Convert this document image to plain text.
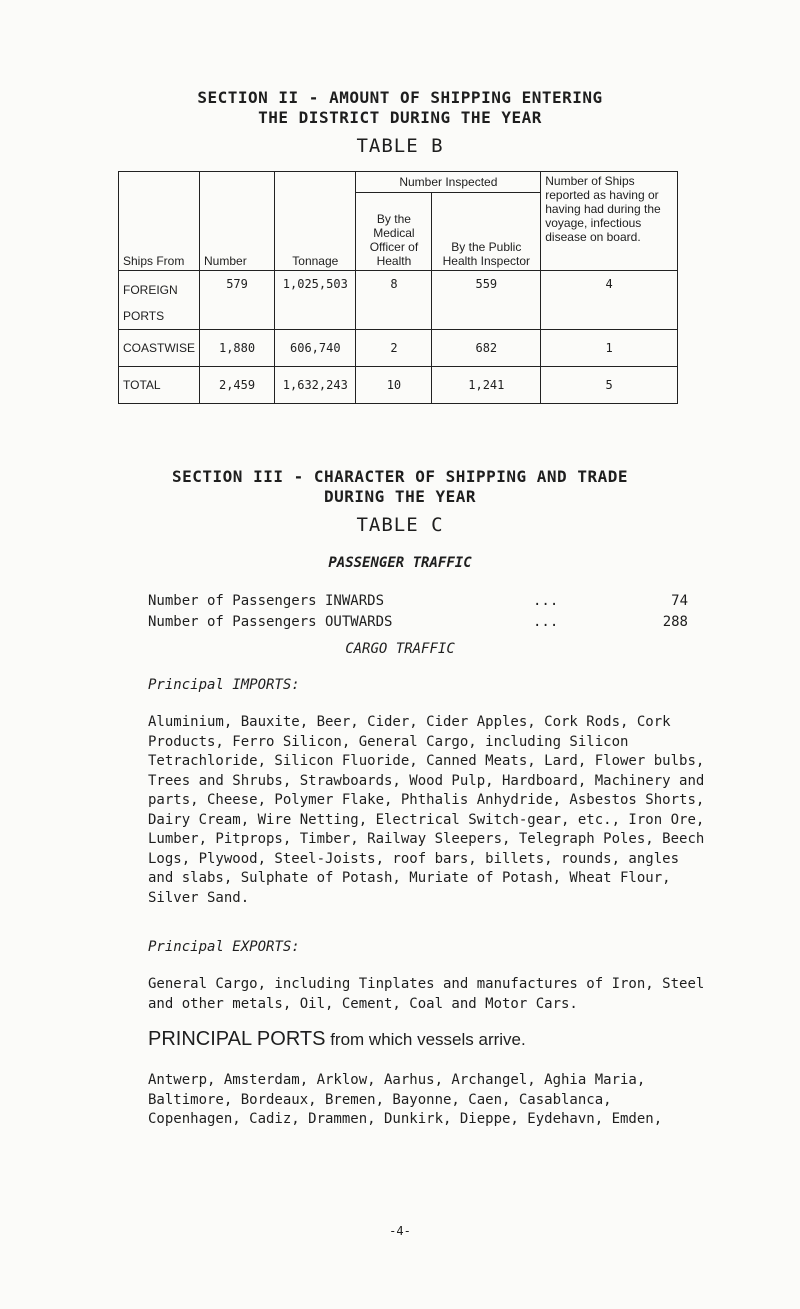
SECTION II - AMOUNT OF SHIPPING ENTERING
THE DISTRICT DURING THE YEAR
TABLE B
Ships From	Number	Tonnage	Number Inspected		Number of Ships reported as having or having had during the voyage, infectious disease on board.
			By the Medical Officer of Health	By the Public Health Inspector	
FOREIGN PORTS	579	1,025,503	8	559	4
COASTWISE	1,880	606,740	2	682	1
TOTAL	2,459	1,632,243	10	1,241	5
SECTION III - CHARACTER OF SHIPPING AND TRADE
DURING THE YEAR
TABLE C
PASSENGER TRAFFIC
Number of Passengers INWARDS	...	74
Number of Passengers OUTWARDS	...	288
CARGO TRAFFIC
Principal IMPORTS:

Aluminium, Bauxite, Beer, Cider, Cider Apples, Cork Rods, Cork Products, Ferro Silicon, General Cargo, including Silicon Tetrachloride, Silicon Fluoride, Canned Meats, Lard, Flower bulbs, Trees and Shrubs, Strawboards, Wood Pulp, Hardboard, Machinery and parts, Cheese, Polymer Flake, Phthalis Anhydride, Asbestos Shorts, Dairy Cream, Wire Netting, Electrical Switch-gear, etc., Iron Ore, Lumber, Pitprops, Timber, Railway Sleepers, Telegraph Poles, Beech Logs, Plywood, Steel-Joists, roof bars, billets, rounds, angles and slabs, Sulphate of Potash, Muriate of Potash, Wheat Flour, Silver Sand.

Principal EXPORTS:

General Cargo, including Tinplates and manufactures of Iron, Steel and other metals, Oil, Cement, Coal and Motor Cars.

PRINCIPAL PORTS from which vessels arrive.

Antwerp, Amsterdam, Arklow, Aarhus, Archangel, Aghia Maria, Baltimore, Bordeaux, Bremen, Bayonne, Caen, Casablanca, Copenhagen, Cadiz, Drammen, Dunkirk, Dieppe, Eydehavn, Emden,

-4-
